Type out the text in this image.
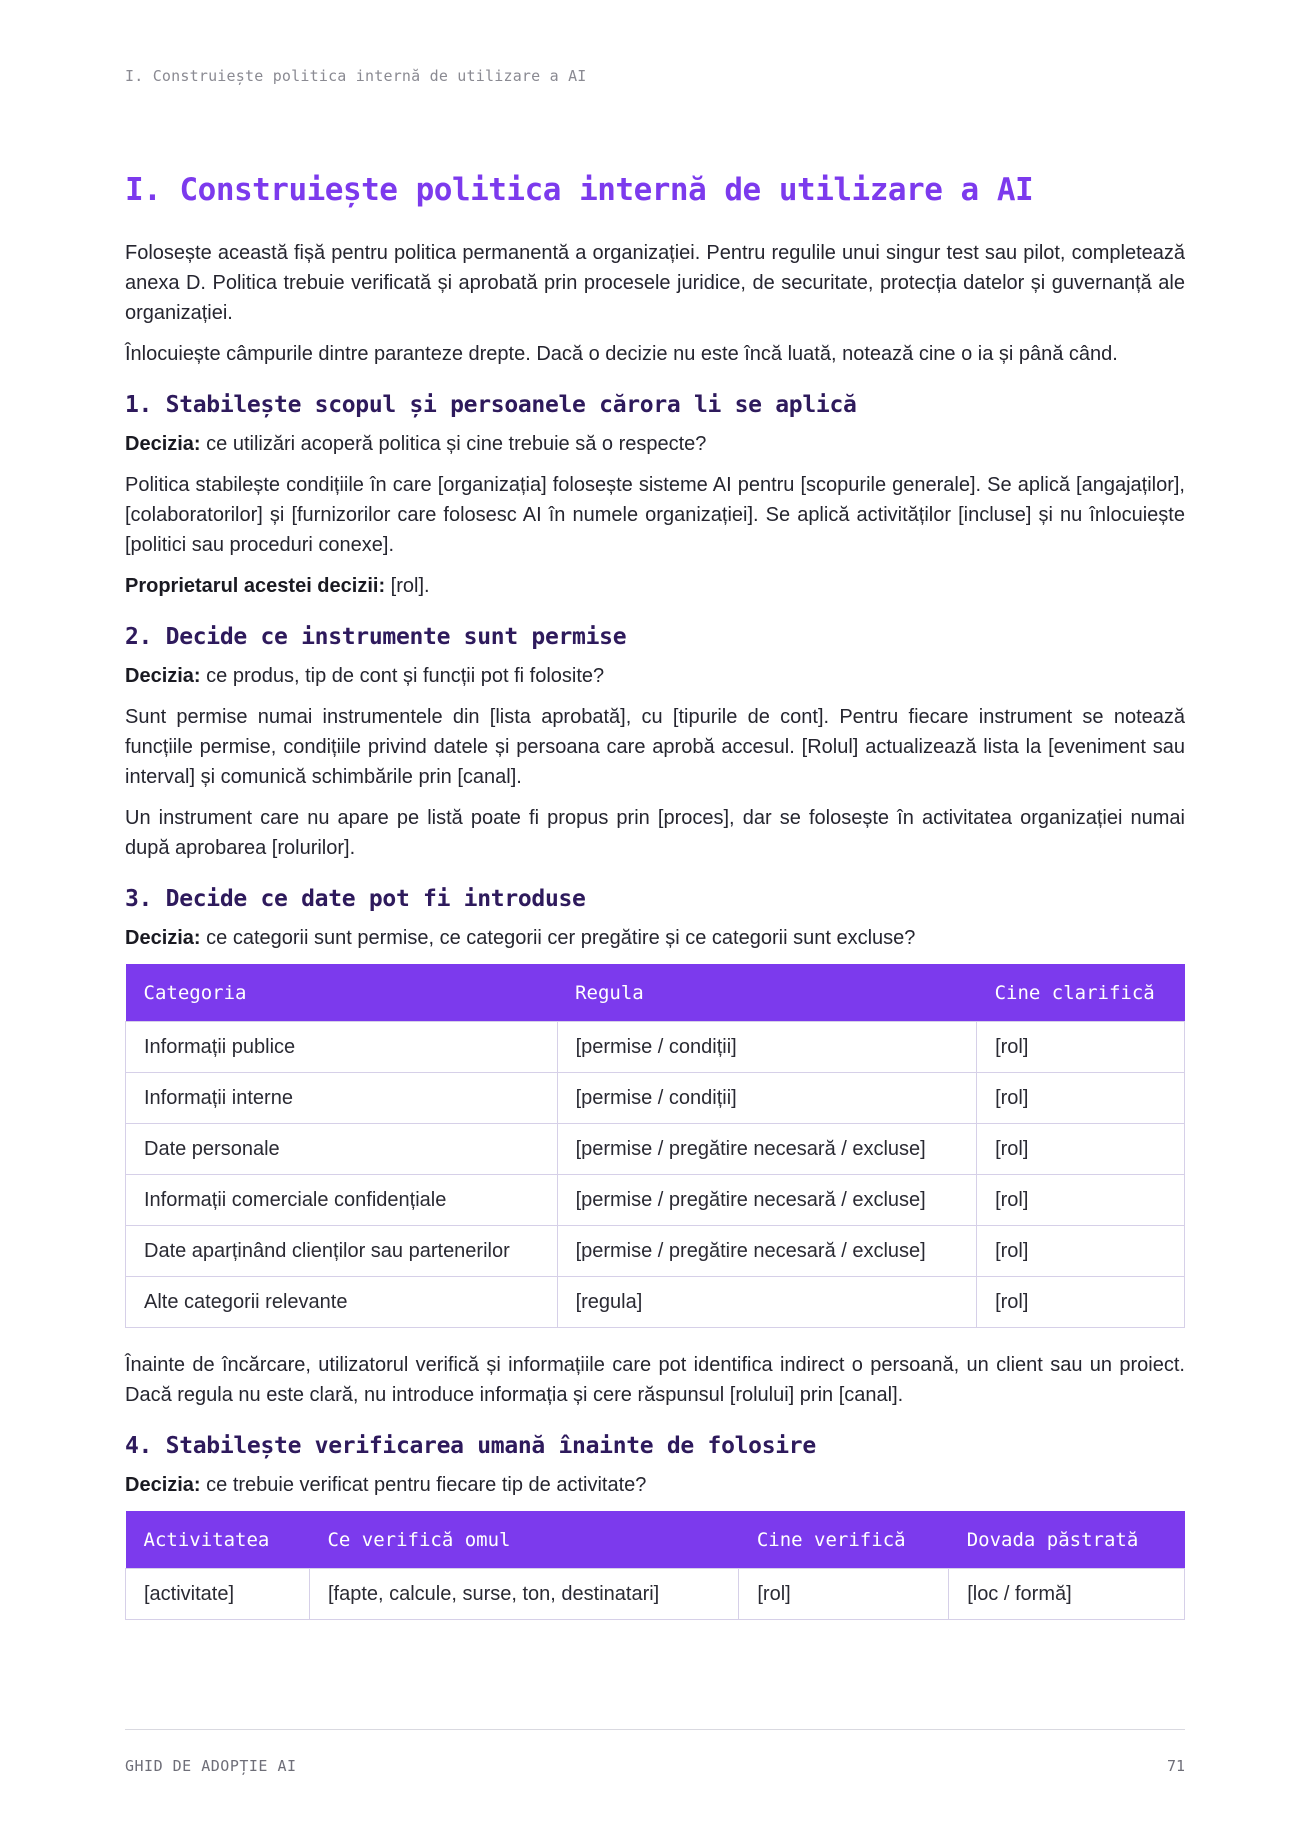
I. Construiește politica internă de utilizare a AI
I. Construiește politica internă de utilizare a AI

Folosește această fișă pentru politica permanentă a organizației. Pentru regulile unui singur test sau pilot, completează anexa D. Politica trebuie verificată și aprobată prin procesele juridice, de securitate, protecția datelor și guvernanță ale organizației.

Înlocuiește câmpurile dintre paranteze drepte. Dacă o decizie nu este încă luată, notează cine o ia și până când.

1. Stabilește scopul și persoanele cărora li se aplică

Decizia: ce utilizări acoperă politica și cine trebuie să o respecte?

Politica stabilește condițiile în care [organizația] folosește sisteme AI pentru [scopurile generale]. Se aplică [angajaților], [colaboratorilor] și [furnizorilor care folosesc AI în numele organizației]. Se aplică activităților [incluse] și nu înlocuiește [politici sau proceduri conexe].

Proprietarul acestei decizii: [rol].

2. Decide ce instrumente sunt permise

Decizia: ce produs, tip de cont și funcții pot fi folosite?

Sunt permise numai instrumentele din [lista aprobată], cu [tipurile de cont]. Pentru fiecare instrument se notează funcțiile permise, condițiile privind datele și persoana care aprobă accesul. [Rolul] actualizează lista la [eveniment sau interval] și comunică schimbările prin [canal].

Un instrument care nu apare pe listă poate fi propus prin [proces], dar se folosește în activitatea organizației numai după aprobarea [rolurilor].

3. Decide ce date pot fi introduse

Decizia: ce categorii sunt permise, ce categorii cer pregătire și ce categorii sunt excluse?

Categoria	Regula	Cine clarifică
Informații publice	[permise / condiții]	[rol]
Informații interne	[permise / condiții]	[rol]
Date personale	[permise / pregătire necesară / excluse]	[rol]
Informații comerciale confidențiale	[permise / pregătire necesară / excluse]	[rol]
Date aparținând clienților sau partenerilor	[permise / pregătire necesară / excluse]	[rol]
Alte categorii relevante	[regula]	[rol]

Înainte de încărcare, utilizatorul verifică și informațiile care pot identifica indirect o persoană, un client sau un proiect. Dacă regula nu este clară, nu introduce informația și cere răspunsul [rolului] prin [canal].

4. Stabilește verificarea umană înainte de folosire

Decizia: ce trebuie verificat pentru fiecare tip de activitate?

Activitatea	Ce verifică omul	Cine verifică	Dovada păstrată
[activitate]	[fapte, calcule, surse, ton, destinatari]	[rol]	[loc / formă]
GHID DE ADOPȚIE AI	71
